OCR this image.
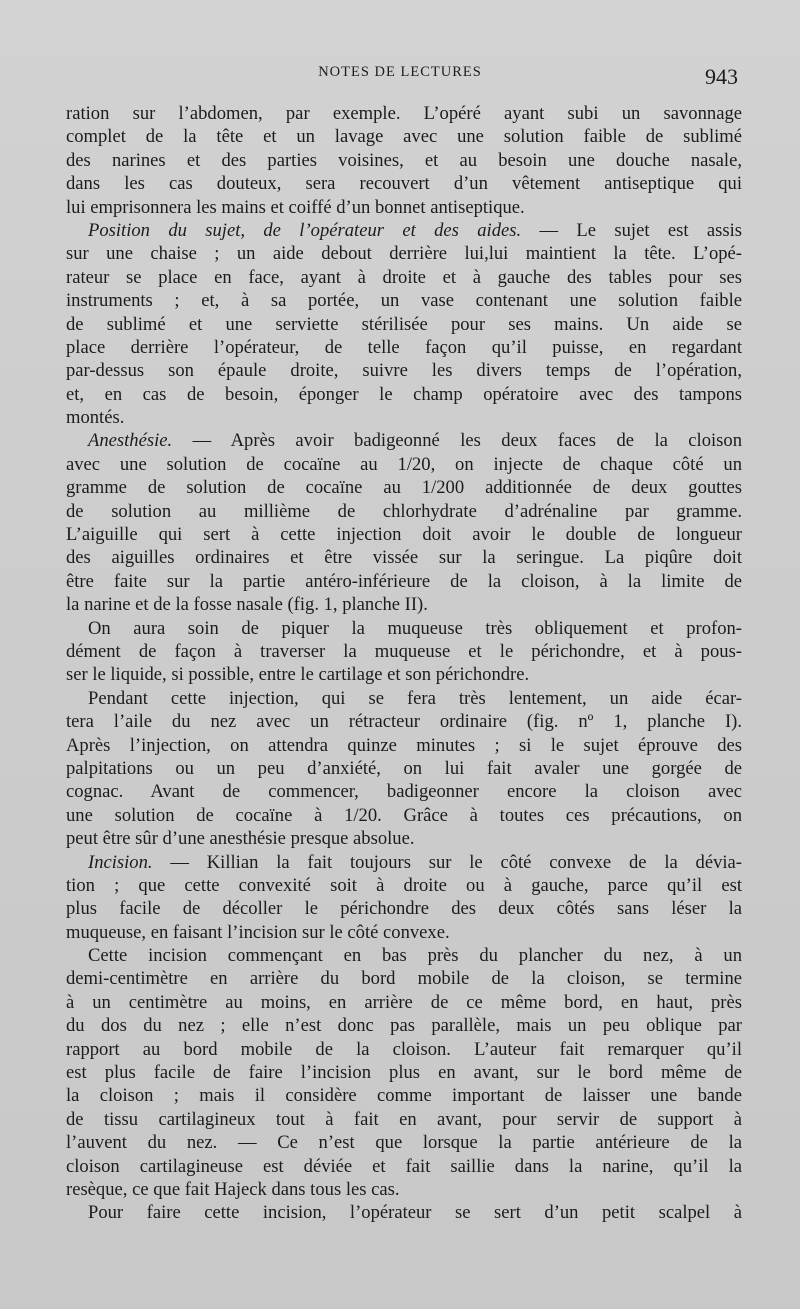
NOTES DE LECTURES	943
ration sur l’abdomen, par exemple. L’opéré ayant subi un savonnage
complet de la tête et un lavage avec une solution faible de sublimé
des narines et des parties voisines, et au besoin une douche nasale,
dans les cas douteux, sera recouvert d’un vêtement antiseptique qui
lui emprisonnera les mains et coiffé d’un bonnet antiseptique.
Position du sujet, de l’opérateur et des aides. — Le sujet est assis
sur une chaise ; un aide debout derrière lui,lui maintient la tête. L’opé-
rateur se place en face, ayant à droite et à gauche des tables pour ses
instruments ; et, à sa portée, un vase contenant une solution faible
de sublimé et une serviette stérilisée pour ses mains. Un aide se
place derrière l’opérateur, de telle façon qu’il puisse, en regardant
par-dessus son épaule droite, suivre les divers temps de l’opération,
et, en cas de besoin, éponger le champ opératoire avec des tampons
montés.
Anesthésie. — Après avoir badigeonné les deux faces de la cloison
avec une solution de cocaïne au 1/20, on injecte de chaque côté un
gramme de solution de cocaïne au 1/200 additionnée de deux gouttes
de solution au millième de chlorhydrate d’adrénaline par gramme.
L’aiguille qui sert à cette injection doit avoir le double de longueur
des aiguilles ordinaires et être vissée sur la seringue. La piqûre doit
être faite sur la partie antéro-inférieure de la cloison, à la limite de
la narine et de la fosse nasale (fig. 1, planche II).
On aura soin de piquer la muqueuse très obliquement et profon-
dément de façon à traverser la muqueuse et le périchondre, et à pous-
ser le liquide, si possible, entre le cartilage et son périchondre.
Pendant cette injection, qui se fera très lentement, un aide écar-
tera l’aile du nez avec un rétracteur ordinaire (fig. nº 1, planche I).
Après l’injection, on attendra quinze minutes ; si le sujet éprouve des
palpitations ou un peu d’anxiété, on lui fait avaler une gorgée de
cognac. Avant de commencer, badigeonner encore la cloison avec
une solution de cocaïne à 1/20. Grâce à toutes ces précautions, on
peut être sûr d’une anesthésie presque absolue.
Incision. — Killian la fait toujours sur le côté convexe de la dévia-
tion ; que cette convexité soit à droite ou à gauche, parce qu’il est
plus facile de décoller le périchondre des deux côtés sans léser la
muqueuse, en faisant l’incision sur le côté convexe.
Cette incision commençant en bas près du plancher du nez, à un
demi-centimètre en arrière du bord mobile de la cloison, se termine
à un centimètre au moins, en arrière de ce même bord, en haut, près
du dos du nez ; elle n’est donc pas parallèle, mais un peu oblique par
rapport au bord mobile de la cloison. L’auteur fait remarquer qu’il
est plus facile de faire l’incision plus en avant, sur le bord même de
la cloison ; mais il considère comme important de laisser une bande
de tissu cartilagineux tout à fait en avant, pour servir de support à
l’auvent du nez. — Ce n’est que lorsque la partie antérieure de la
cloison cartilagineuse est déviée et fait saillie dans la narine, qu’il la
resèque, ce que fait Hajeck dans tous les cas.
Pour faire cette incision, l’opérateur se sert d’un petit scalpel à
